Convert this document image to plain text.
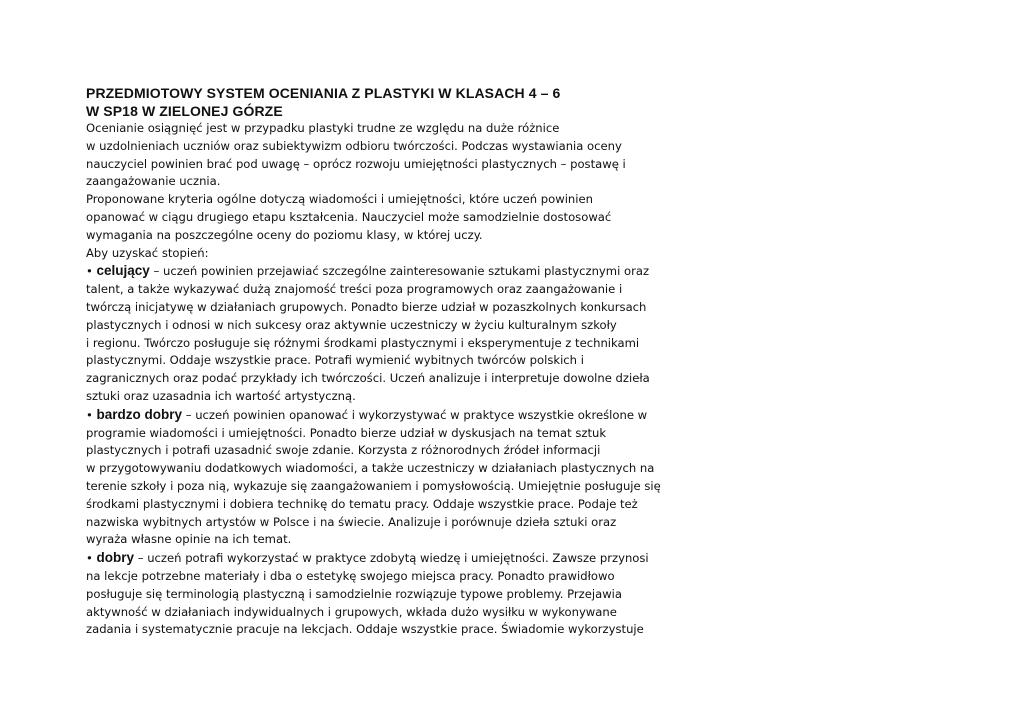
PRZEDMIOTOWY SYSTEM OCENIANIA Z PLASTYKI W KLASACH 4 – 6
W SP18 W ZIELONEJ GÓRZE
Ocenianie osiągnięć jest w przypadku plastyki trudne ze względu na duże różnice
w uzdolnieniach uczniów oraz subiektywizm odbioru twórczości. Podczas wystawiania oceny
nauczyciel powinien brać pod uwagę – oprócz rozwoju umiejętności plastycznych – postawę i
zaangażowanie ucznia.
Proponowane kryteria ogólne dotyczą wiadomości i umiejętności, które uczeń powinien
opanować w ciągu drugiego etapu kształcenia. Nauczyciel może samodzielnie dostosować
wymagania na poszczególne oceny do poziomu klasy, w której uczy.
Aby uzyskać stopień:
• celujący – uczeń powinien przejawiać szczególne zainteresowanie sztukami plastycznymi oraz
talent, a także wykazywać dużą znajomość treści poza programowych oraz zaangażowanie i
twórczą inicjatywę w działaniach grupowych. Ponadto bierze udział w pozaszkolnych konkursach
plastycznych i odnosi w nich sukcesy oraz aktywnie uczestniczy w życiu kulturalnym szkoły
i regionu. Twórczo posługuje się różnymi środkami plastycznymi i eksperymentuje z technikami
plastycznymi. Oddaje wszystkie prace. Potrafi wymienić wybitnych twórców polskich i
zagranicznych oraz podać przykłady ich twórczości. Uczeń analizuje i interpretuje dowolne dzieła
sztuki oraz uzasadnia ich wartość artystyczną.
• bardzo dobry – uczeń powinien opanować i wykorzystywać w praktyce wszystkie określone w
programie wiadomości i umiejętności. Ponadto bierze udział w dyskusjach na temat sztuk
plastycznych i potrafi uzasadnić swoje zdanie. Korzysta z różnorodnych źródeł informacji
w przygotowywaniu dodatkowych wiadomości, a także uczestniczy w działaniach plastycznych na
terenie szkoły i poza nią, wykazuje się zaangażowaniem i pomysłowością. Umiejętnie posługuje się
środkami plastycznymi i dobiera technikę do tematu pracy. Oddaje wszystkie prace. Podaje też
nazwiska wybitnych artystów w Polsce i na świecie. Analizuje i porównuje dzieła sztuki oraz
wyraża własne opinie na ich temat.
• dobry – uczeń potrafi wykorzystać w praktyce zdobytą wiedzę i umiejętności. Zawsze przynosi
na lekcje potrzebne materiały i dba o estetykę swojego miejsca pracy. Ponadto prawidłowo
posługuje się terminologią plastyczną i samodzielnie rozwiązuje typowe problemy. Przejawia
aktywność w działaniach indywidualnych i grupowych, wkłada dużo wysiłku w wykonywane
zadania i systematycznie pracuje na lekcjach. Oddaje wszystkie prace. Świadomie wykorzystuje
